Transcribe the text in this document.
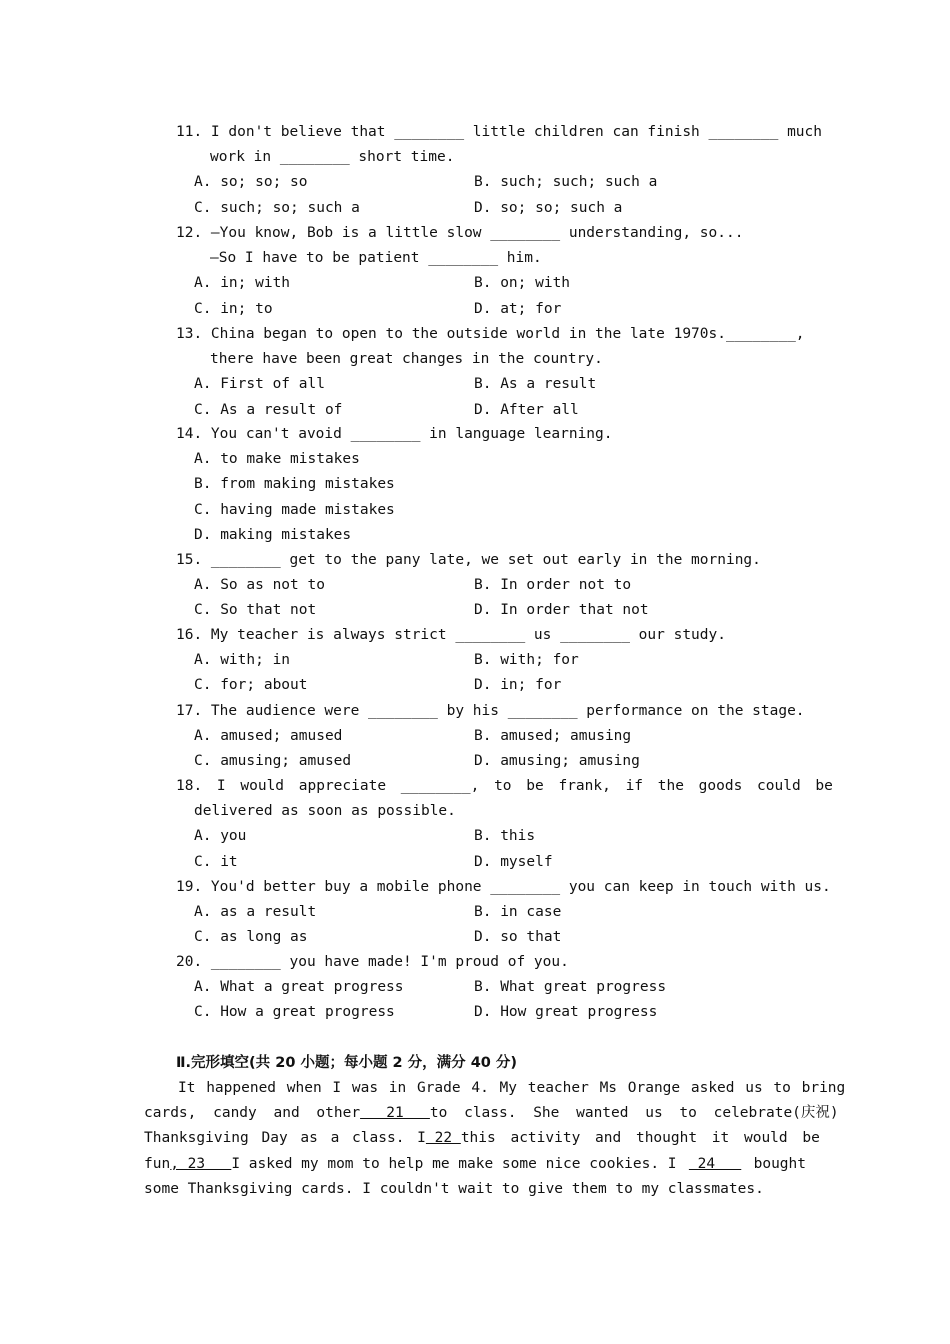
11. I don't believe that ________ little children can finish ________ much
work in ________ short time.
A. so; so; so	B. such; such; such a
C. such; so; such a	D. so; so; such a
12. —You know, Bob is a little slow ________ understanding, so...
—So I have to be patient ________ him.
A. in; with	B. on; with
C. in; to	D. at; for
13. China began to open to the outside world in the late 1970s.________,
there have been great changes in the country.
A. First of all	B. As a result
C. As a result of	D. After all
14. You can't avoid ________ in language learning.
A. to make mistakes
B. from making mistakes
C. having made mistakes
D. making mistakes
15. ________ get to the pany late, we set out early in the morning.
A. So as not to	B. In order not to
C. So that not	D. In order that not
16. My teacher is always strict ________ us ________ our study.
A. with; in	B. with; for
C. for; about	D. in; for
17. The audience were ________ by his ________ performance on the stage.
A. amused; amused	B. amused; amusing
C. amusing; amused	D. amusing; amusing
18. I would appreciate ________, to be frank, if the goods could be
delivered as soon as possible.
A. you	B. this
C. it	D. myself
19. You'd better buy a mobile phone ________ you can keep in touch with us.
A. as a result	B. in case
C. as long as	D. so that
20. ________ you have made! I'm proud of you.
A. What a great progress	B. What great progress
C. How a great progress	D. How great progress
Ⅱ.完形填空(共 20 小题；每小题 2 分，满分 40 分)
It happened when I was in Grade 4. My teacher Ms Orange asked us to bring
cards, candy and other 21 to class. She wanted us to celebrate(庆祝)
Thanksgiving Day as a class. I 22 this activity and thought it would be
fun, 23   I asked my mom to help me make some nice cookies. I 24 bought
some Thanksgiving cards. I couldn't wait to give them to my classmates.
